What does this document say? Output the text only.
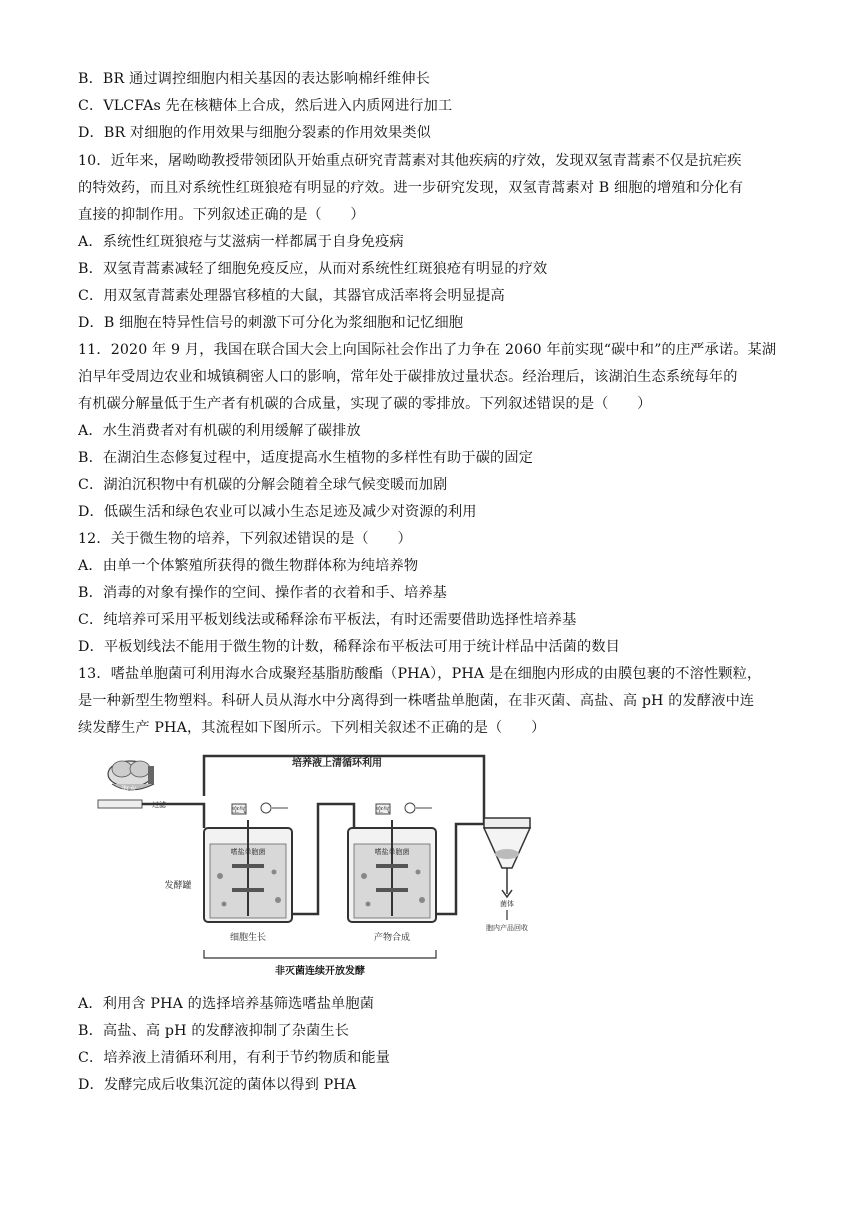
B．BR 通过调控细胞内相关基因的表达影响棉纤维伸长
C．VLCFAs 先在核糖体上合成，然后进入内质网进行加工
D．BR 对细胞的作用效果与细胞分裂素的作用效果类似
10．近年来，屠呦呦教授带领团队开始重点研究青蒿素对其他疾病的疗效，发现双氢青蒿素不仅是抗疟疾
的特效药，而且对系统性红斑狼疮有明显的疗效。进一步研究发现，双氢青蒿素对 B 细胞的增殖和分化有
直接的抑制作用。下列叙述正确的是（　　）
A．系统性红斑狼疮与艾滋病一样都属于自身免疫病
B．双氢青蒿素减轻了细胞免疫反应，从而对系统性红斑狼疮有明显的疗效
C．用双氢青蒿素处理器官移植的大鼠，其器官成活率将会明显提高
D．B 细胞在特异性信号的刺激下可分化为浆细胞和记忆细胞
11．2020 年 9 月，我国在联合国大会上向国际社会作出了力争在 2060 年前实现“碳中和”的庄严承诺。某湖
泊早年受周边农业和城镇稠密人口的影响，常年处于碳排放过量状态。经治理后，该湖泊生态系统每年的
有机碳分解量低于生产者有机碳的合成量，实现了碳的零排放。下列叙述错误的是（　　）
A．水生消费者对有机碳的利用缓解了碳排放
B．在湖泊生态修复过程中，适度提高水生植物的多样性有助于碳的固定
C．湖泊沉积物中有机碳的分解会随着全球气候变暖而加剧
D．低碳生活和绿色农业可以减小生态足迹及减少对资源的利用
12．关于微生物的培养，下列叙述错误的是（　　）
A．由单一个体繁殖所获得的微生物群体称为纯培养物
B．消毒的对象有操作的空间、操作者的衣着和手、培养基
C．纯培养可采用平板划线法或稀释涂布平板法，有时还需要借助选择性培养基
D．平板划线法不能用于微生物的计数，稀释涂布平板法可用于统计样品中活菌的数目
13．嗜盐单胞菌可利用海水合成聚羟基脂肪酸酯（PHA），PHA 是在细胞内形成的由膜包裹的不溶性颗粒，
是一种新型生物塑料。科研人员从海水中分离得到一株嗜盐单胞菌，在非灭菌、高盐、高 pH 的发酵液中连
续发酵生产 PHA，其流程如下图所示。下列相关叙述不正确的是（　　）
培养液上清循环利用
海水
过滤
空气
嗜盐单胞菌
发酵罐
细胞生长
空气
嗜盐单胞菌
产物合成
菌体
胞内产品回收
非灭菌连续开放发酵
A．利用含 PHA 的选择培养基筛选嗜盐单胞菌
B．高盐、高 pH 的发酵液抑制了杂菌生长
C．培养液上清循环利用，有利于节约物质和能量
D．发酵完成后收集沉淀的菌体以得到 PHA
